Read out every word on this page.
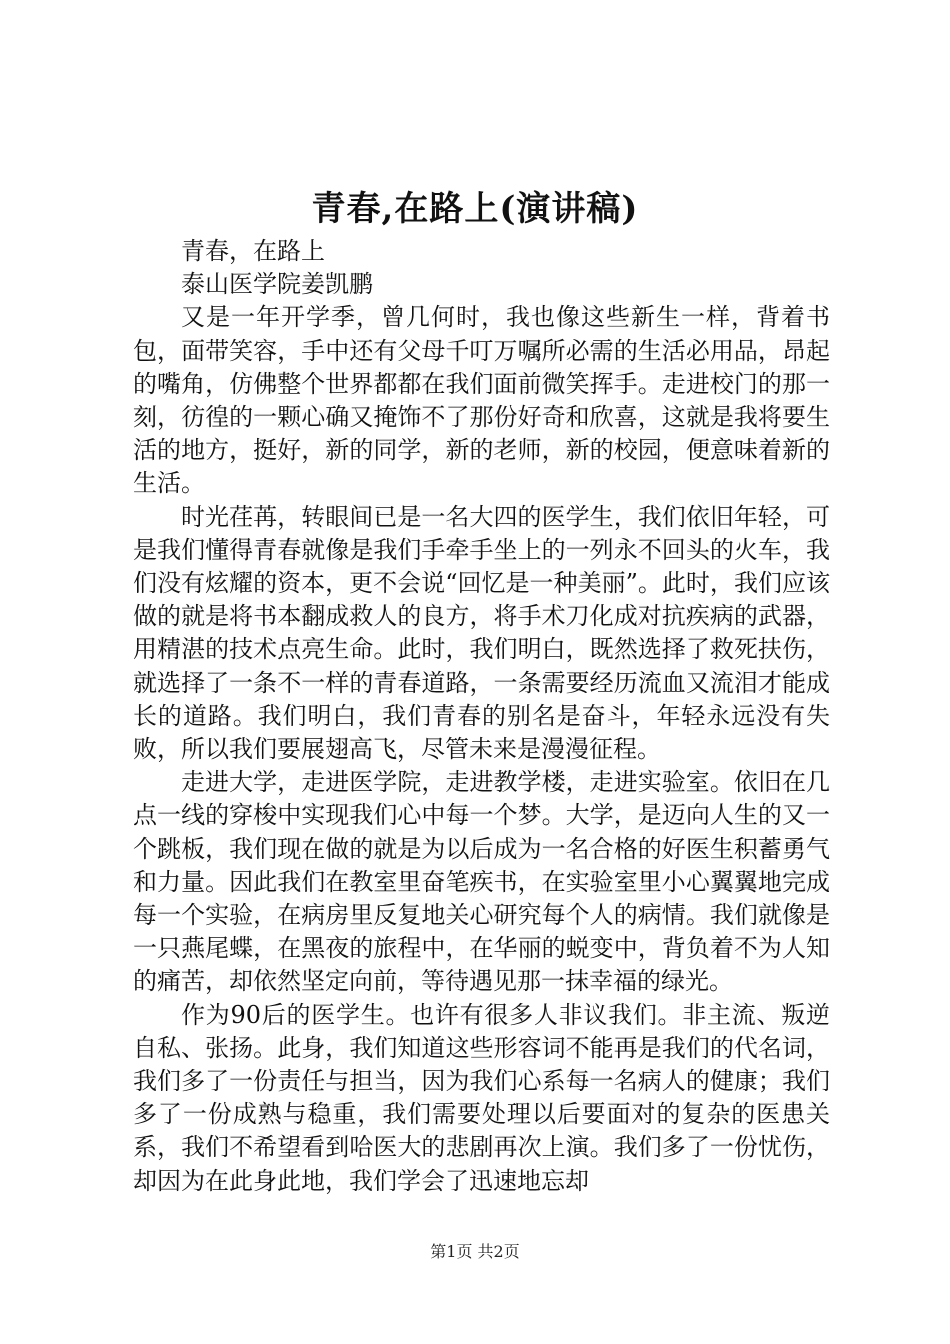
青春,在路上(演讲稿)

青春，在路上

泰山医学院姜凯鹏

又是一年开学季，曾几何时，我也像这些新生一样，背着书包，面带笑容，手中还有父母千叮万嘱所必需的生活必用品，昂起的嘴角，仿佛整个世界都都在我们面前微笑挥手。走进校门的那一刻，彷徨的一颗心确又掩饰不了那份好奇和欣喜，这就是我将要生活的地方，挺好，新的同学，新的老师，新的校园，便意味着新的生活。

时光荏苒，转眼间已是一名大四的医学生，我们依旧年轻，可是我们懂得青春就像是我们手牵手坐上的一列永不回头的火车，我们没有炫耀的资本，更不会说“回忆是一种美丽”。此时，我们应该做的就是将书本翻成救人的良方，将手术刀化成对抗疾病的武器，用精湛的技术点亮生命。此时，我们明白，既然选择了救死扶伤，就选择了一条不一样的青春道路，一条需要经历流血又流泪才能成长的道路。我们明白，我们青春的别名是奋斗，年轻永远没有失败，所以我们要展翅高飞，尽管未来是漫漫征程。

走进大学，走进医学院，走进教学楼，走进实验室。依旧在几点一线的穿梭中实现我们心中每一个梦。大学，是迈向人生的又一个跳板，我们现在做的就是为以后成为一名合格的好医生积蓄勇气和力量。因此我们在教室里奋笔疾书，在实验室里小心翼翼地完成每一个实验，在病房里反复地关心研究每个人的病情。我们就像是一只燕尾蝶，在黑夜的旅程中，在华丽的蜕变中，背负着不为人知的痛苦，却依然坚定向前，等待遇见那一抹幸福的绿光。

作为90后的医学生。也许有很多人非议我们。非主流、叛逆自私、张扬。此身，我们知道这些形容词不能再是我们的代名词，我们多了一份责任与担当，因为我们心系每一名病人的健康；我们多了一份成熟与稳重，我们需要处理以后要面对的复杂的医患关系，我们不希望看到哈医大的悲剧再次上演。我们多了一份忧伤，却因为在此身此地，我们学会了迅速地忘却

第1页 共2页
